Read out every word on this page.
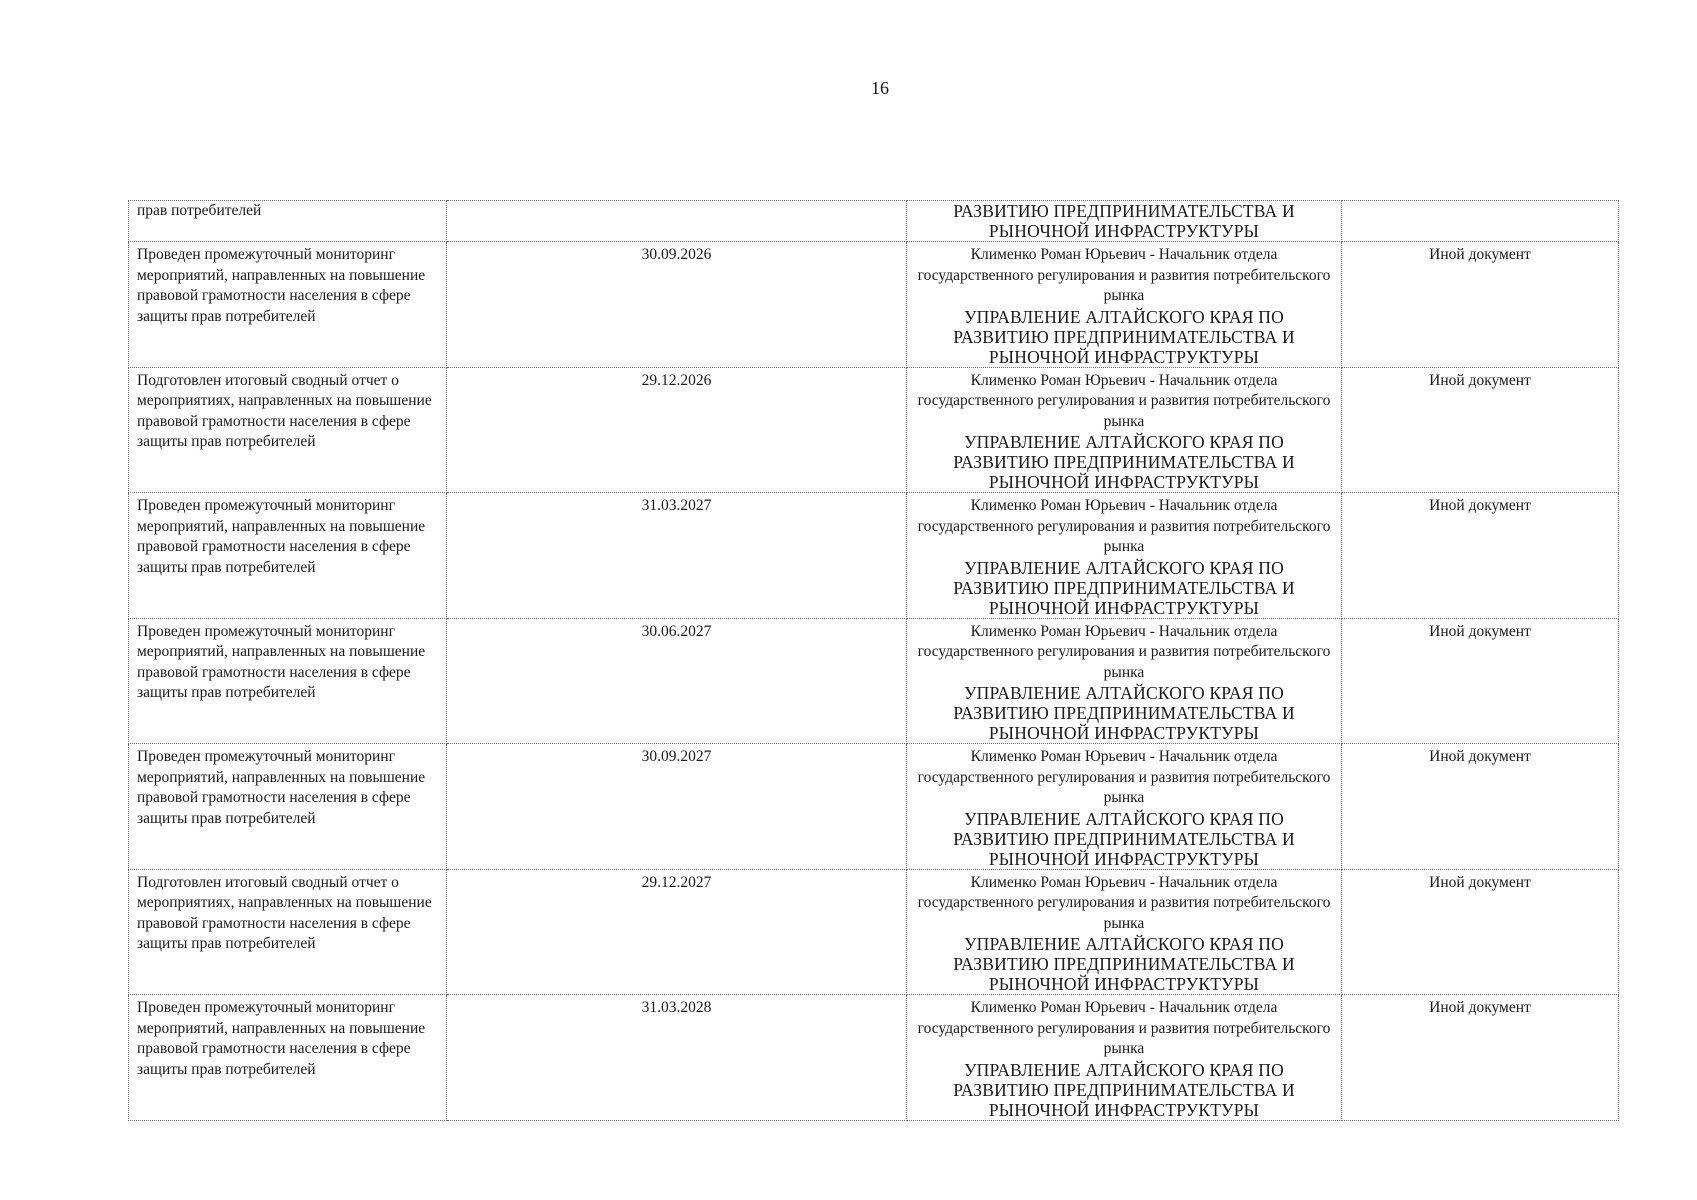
16
прав потребителей		РАЗВИТИЮ ПРЕДПРИНИМАТЕЛЬСТВА И РЫНОЧНОЙ ИНФРАСТРУКТУРЫ	

Проведен промежуточный мониторинг мероприятий, направленных на повышение правовой грамотности населения в сфере защиты прав потребителей	30.09.2026	Клименко Роман Юрьевич - Начальник отдела государственного регулирования и развития потребительского рынка
УПРАВЛЕНИЕ АЛТАЙСКОГО КРАЯ ПО РАЗВИТИЮ ПРЕДПРИНИМАТЕЛЬСТВА И РЫНОЧНОЙ ИНФРАСТРУКТУРЫ	Иной документ
Подготовлен итоговый сводный отчет о мероприятиях, направленных на повышение правовой грамотности населения в сфере защиты прав потребителей	29.12.2026	Клименко Роман Юрьевич - Начальник отдела государственного регулирования и развития потребительского рынка
УПРАВЛЕНИЕ АЛТАЙСКОГО КРАЯ ПО РАЗВИТИЮ ПРЕДПРИНИМАТЕЛЬСТВА И РЫНОЧНОЙ ИНФРАСТРУКТУРЫ	Иной документ
Проведен промежуточный мониторинг мероприятий, направленных на повышение правовой грамотности населения в сфере защиты прав потребителей	31.03.2027	Клименко Роман Юрьевич - Начальник отдела государственного регулирования и развития потребительского рынка
УПРАВЛЕНИЕ АЛТАЙСКОГО КРАЯ ПО РАЗВИТИЮ ПРЕДПРИНИМАТЕЛЬСТВА И РЫНОЧНОЙ ИНФРАСТРУКТУРЫ	Иной документ
Проведен промежуточный мониторинг мероприятий, направленных на повышение правовой грамотности населения в сфере защиты прав потребителей	30.06.2027	Клименко Роман Юрьевич - Начальник отдела государственного регулирования и развития потребительского рынка
УПРАВЛЕНИЕ АЛТАЙСКОГО КРАЯ ПО РАЗВИТИЮ ПРЕДПРИНИМАТЕЛЬСТВА И РЫНОЧНОЙ ИНФРАСТРУКТУРЫ	Иной документ
Проведен промежуточный мониторинг мероприятий, направленных на повышение правовой грамотности населения в сфере защиты прав потребителей	30.09.2027	Клименко Роман Юрьевич - Начальник отдела государственного регулирования и развития потребительского рынка
УПРАВЛЕНИЕ АЛТАЙСКОГО КРАЯ ПО РАЗВИТИЮ ПРЕДПРИНИМАТЕЛЬСТВА И РЫНОЧНОЙ ИНФРАСТРУКТУРЫ	Иной документ
Подготовлен итоговый сводный отчет о мероприятиях, направленных на повышение правовой грамотности населения в сфере защиты прав потребителей	29.12.2027	Клименко Роман Юрьевич - Начальник отдела государственного регулирования и развития потребительского рынка
УПРАВЛЕНИЕ АЛТАЙСКОГО КРАЯ ПО РАЗВИТИЮ ПРЕДПРИНИМАТЕЛЬСТВА И РЫНОЧНОЙ ИНФРАСТРУКТУРЫ	Иной документ
Проведен промежуточный мониторинг мероприятий, направленных на повышение правовой грамотности населения в сфере защиты прав потребителей	31.03.2028	Клименко Роман Юрьевич - Начальник отдела государственного регулирования и развития потребительского рынка
УПРАВЛЕНИЕ АЛТАЙСКОГО КРАЯ ПО РАЗВИТИЮ ПРЕДПРИНИМАТЕЛЬСТВА И РЫНОЧНОЙ ИНФРАСТРУКТУРЫ	Иной документ
